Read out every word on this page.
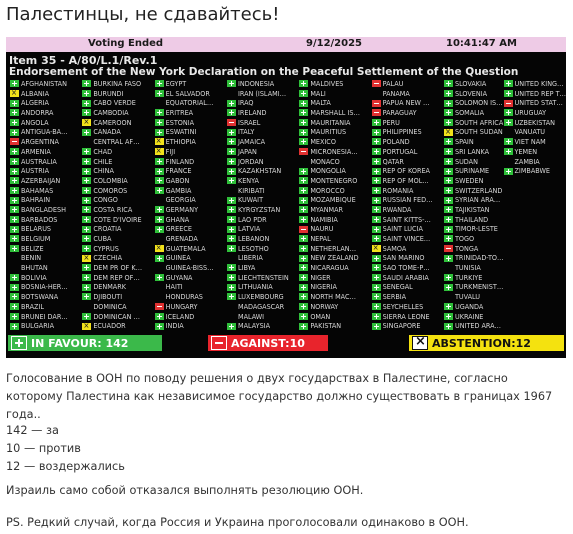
Палестинцы, не сдавайтесь!
Voting Ended	9/12/2025	10:41:47 AM
Item 35 - A/80/L.1/Rev.1
Endorsement of the New York Declaration on the Peaceful Settlement of the Question
AFGHANISTAN
×
ALBANIA
ALGERIA
ANDORRA
ANGOLA
ANTIGUA-BA…
ARGENTINA
ARMENIA
AUSTRALIA
AUSTRIA
AZERBAIJAN
BAHAMAS
BAHRAIN
BANGLADESH
BARBADOS
BELARUS
BELGIUM
BELIZE
BENIN
BHUTAN
BOLIVIA
BOSNIA-HER…
BOTSWANA
BRAZIL
BRUNEI DAR…
BULGARIA
BURKINA FASO
BURUNDI
CABO VERDE
CAMBODIA
×
CAMEROON
CANADA
CENTRAL AF…
CHAD
CHILE
CHINA
COLOMBIA
COMOROS
CONGO
COSTA RICA
COTE D'IVOIRE
CROATIA
CUBA
CYPRUS
×
CZECHIA
DEM PR OF K…
DEM REP OF…
DENMARK
DJIBOUTI
DOMINICA
DOMINICAN …
×
ECUADOR
EGYPT
EL SALVADOR
EQUATORIAL…
ERITREA
ESTONIA
ESWATINI
×
ETHIOPIA
×
FIJI
FINLAND
FRANCE
GABON
GAMBIA
GEORGIA
GERMANY
GHANA
GREECE
GRENADA
×
GUATEMALA
GUINEA
GUINEA-BISS…
GUYANA
HAITI
HONDURAS
HUNGARY
ICELAND
INDIA
INDONESIA
IRAN (ISLAMI…
IRAQ
IRELAND
ISRAEL
ITALY
JAMAICA
JAPAN
JORDAN
KAZAKHSTAN
KENYA
KIRIBATI
KUWAIT
KYRGYZSTAN
LAO PDR
LATVIA
LEBANON
LESOTHO
LIBERIA
LIBYA
LIECHTENSTEIN
LITHUANIA
LUXEMBOURG
MADAGASCAR
MALAWI
MALAYSIA
MALDIVES
MALI
MALTA
MARSHALL IS…
MAURITANIA
MAURITIUS
MEXICO
MICRONESIA…
MONACO
MONGOLIA
MONTENEGRO
MOROCCO
MOZAMBIQUE
MYANMAR
NAMIBIA
NAURU
NEPAL
NETHERLAN…
NEW ZEALAND
NICARAGUA
NIGER
NIGERIA
NORTH MAC…
NORWAY
OMAN
PAKISTAN
PALAU
PANAMA
PAPUA NEW …
PARAGUAY
PERU
PHILIPPINES
POLAND
PORTUGAL
QATAR
REP OF KOREA
REP OF MOL…
ROMANIA
RUSSIAN FED…
RWANDA
SAINT KITTS-…
SAINT LUCIA
SAINT VINCE…
×
SAMOA
SAN MARINO
SAO TOME-P…
SAUDI ARABIA
SENEGAL
SERBIA
SEYCHELLES
SIERRA LEONE
SINGAPORE
SLOVAKIA
SLOVENIA
SOLOMON IS…
SOMALIA
SOUTH AFRICA
×
SOUTH SUDAN
SPAIN
SRI LANKA
SUDAN
SURINAME
SWEDEN
SWITZERLAND
SYRIAN ARA…
TAJIKISTAN
THAILAND
TIMOR-LESTE
TOGO
TONGA
TRINIDAD-TO…
TUNISIA
TURKIYE
TURKMENIST…
TUVALU
UGANDA
UKRAINE
UNITED ARA…
UNITED KING…
UNITED REP T…
UNITED STAT…
URUGUAY
UZBEKISTAN
VANUATU
VIET NAM
YEMEN
ZAMBIA
ZIMBABWE
IN FAVOUR: 142	AGAINST:10
×	ABSTENTION:12
Голосование в ООН по поводу решения о двух государствах в Палестине, согласно которому Палестина как независимое государство должно существовать в границах 1967 года..
142 — за
10 — против
12 — воздержались
Израиль само собой отказался выполнять резолюцию ООН.
PS. Редкий случай, когда Россия и Украина проголосовали одинаково в ООН.
